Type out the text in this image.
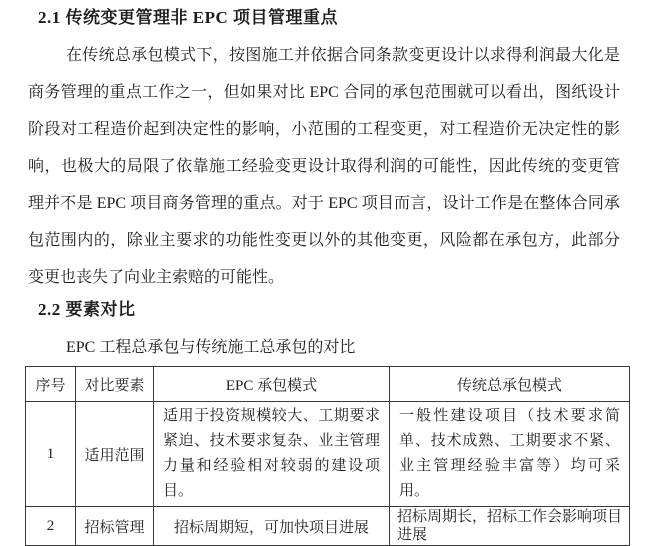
2.1 传统变更管理非 EPC 项目管理重点
在传统总承包模式下，按图施工并依据合同条款变更设计以求得利润最大化是
商务管理的重点工作之一，但如果对比 EPC 合同的承包范围就可以看出，图纸设计
阶段对工程造价起到决定性的影响，小范围的工程变更，对工程造价无决定性的影
响，也极大的局限了依靠施工经验变更设计取得利润的可能性，因此传统的变更管
理并不是 EPC 项目商务管理的重点。对于 EPC 项目而言，设计工作是在整体合同承
包范围内的，除业主要求的功能性变更以外的其他变更，风险都在承包方，此部分
变更也丧失了向业主索赔的可能性。
2.2 要素对比
EPC 工程总承包与传统施工总承包的对比
序号	对比要素	EPC 承包模式	传统总承包模式
1	适用范围	适用于投资规模较大、工期要求紧迫、技术要求复杂、业主管理力量和经验相对较弱的建设项目。	一般性建设项目（技术要求简单、技术成熟、工期要求不紧、业主管理经验丰富等）均可采用。
2	招标管理	招标周期短，可加快项目进展	招标周期长，招标工作会影响项目进展
